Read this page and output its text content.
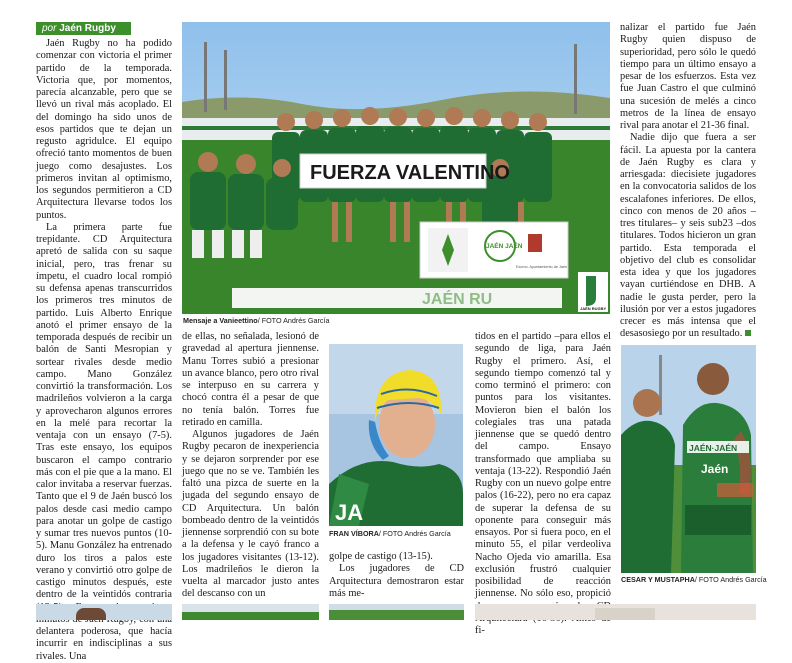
por Jaén Rugby

Jaén Rugby no ha podido comenzar con victoria el primer partido de la temporada. Victoria que, por momentos, parecía alcanzable, pero que se llevó un rival más acoplado. El del domingo ha sido unos de esos partidos que te dejan un regusto agridulce. El equipo ofreció tanto momentos de buen juego como desajustes. Los primeros invitan al optimismo, los segundos permitieron a CD Arquitectura llevarse todos los puntos.

La primera parte fue trepidante. CD Arquitectura apretó de salida con su saque inicial, pero, tras frenar su ímpetu, el cuadro local rompió su defensa apenas transcurridos los primeros tres minutos de partido. Luis Alberto Enrique anotó el primer ensayo de la temporada después de recibir un balón de Santi Mesropian y sortear rivales desde medio campo. Mano González convirtió la transformación. Los madrileños volvieron a la carga y aprovecharon algunos errores en la melé para recortar la ventaja con un ensayo (7-5). Tras este ensayo, los equipos buscaron el campo contrario más con el pie que a la mano. El calor invitaba a reservar fuerzas. Tanto que el 9 de Jaén buscó los palos desde casi medio campo para anotar un golpe de castigo y sumar tres nuevos puntos (10-5). Manu González ha entrenado duro los tiros a palos este verano y convirtió otro golpe de castigo minutos después, este dentro de la veintidós contraria delantera poderosa, que hacía incurrir en indisciplinas a sus rivales. Una

FUERZA VALENTINO
JAÉN JAÉN
Excmo. Ayuntamiento de Jaén
JAÉN RU
JAÉN RUGBY
Mensaje a Vanieettino/ FOTO Andrés García

de ellas, no señalada, lesionó de gravedad al apertura jiennense. Manu Torres subió a presionar un avance blanco, pero otro rival se interpuso en su carrera y chocó contra él a pesar de que no tenía balón. Torres fue retirado en camilla.

Algunos jugadores de Jaén Rugby pecaron de inexperiencia y se dejaron sorprender por ese juego que no se ve. También les faltó una pizca de suerte en la jugada del segundo ensayo de CD Arquitectura. Un balón bombeado dentro de la veintidós jiennense sorprendió con su bote a la defensa y le cayó franco a los jugadores visitantes (13-12). Los madrileños le dieron la vuelta al marcador justo antes del descanso con un

JA
FRAN VÍBORA/ FOTO Andrés García

golpe de castigo (13-15).

Los jugadores de CD Arquitectura demostraron estar más me-

tidos en el partido –para ellos el segundo de liga, para Jaén Rugby el primero. Así, el segundo tiempo comenzó tal y como terminó el primero: con puntos para los visitantes. Movieron bien el balón los colegiales tras una patada jiennense que se quedó dentro del campo. Ensayo transformado que ampliaba su ventaja (13-22). Respondió Jaén Rugby con un nuevo golpe entre palos (16-22), pero no era capaz de superar la defensa de su oponente para conseguir más ensayos. Por si fuera poco, en el minuto 55, el pilar verdeoliva Nacho Ojeda vio amarilla. Esa exclusión frustró cualquier posibilidad de reacción jiennense. No sólo eso, propició fi-

nalizar el partido fue Jaén Rugby quien dispuso de superioridad, pero sólo le quedó tiempo para un último ensayo a pesar de los esfuerzos. Esta vez fue Juan Castro el que culminó una sucesión de melés a cinco metros de la línea de ensayo rival para anotar el 21-36 final.

Nadie dijo que fuera a ser fácil. La apuesta por la cantera de Jaén Rugby es clara y arriesgada: diecisiete jugadores en la convocatoria salidos de los escalafones inferiores. De ellos, cinco con menos de 20 años –tres titulares– y seis sub23 –dos titulares. Todos hicieron un gran partido. Esta temporada el objetivo del club es consolidar esta idea y que los jugadores vayan curtiéndose en DHB. A nadie le gusta perder, pero la ilusión por ver a estos jugadores crecer es más intensa que el desasosiego por un resultado.

JAÉN·JAÉN
Jaén
CESAR Y MUSTAPHA/ FOTO Andrés García
